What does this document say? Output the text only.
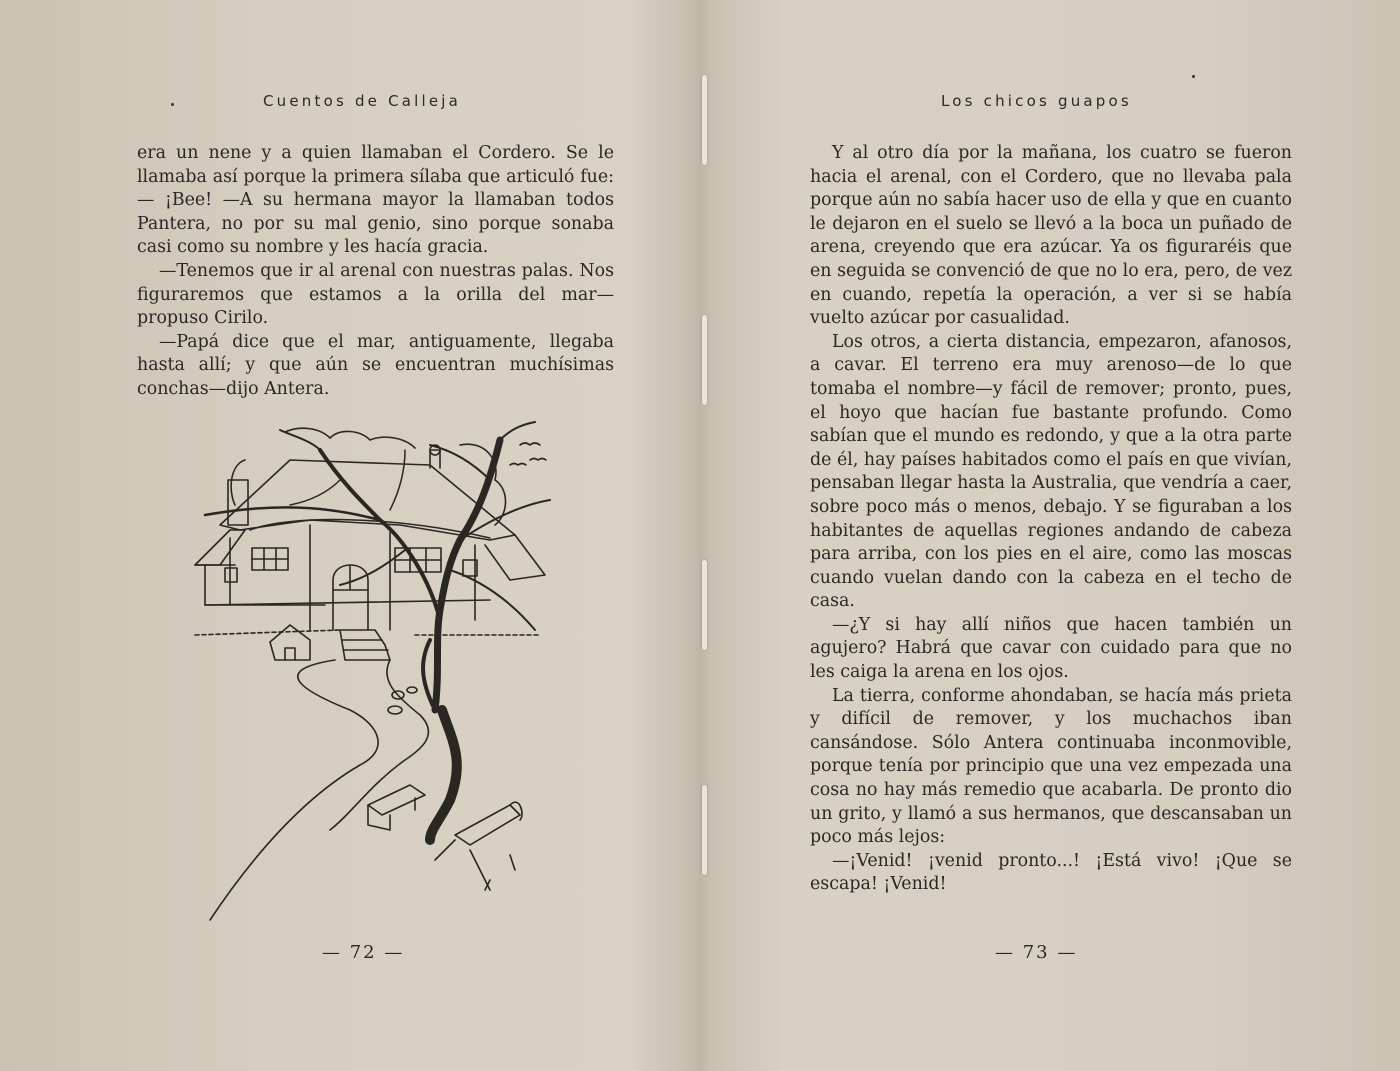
Cuentos de Calleja

era un nene y a quien llamaban el Cordero. Se le llamaba así porque la primera sílaba que articuló fue: — ¡Bee! —A su hermana mayor la llamaban todos Pantera, no por su mal genio, sino porque sonaba casi como su nombre y les hacía gracia.

—Tenemos que ir al arenal con nuestras palas. Nos figuraremos que estamos a la orilla del mar— propuso Cirilo.

—Papá dice que el mar, antiguamente, llegaba hasta allí; y que aún se encuentran muchísimas conchas—dijo Antera.

— 72 —
Los chicos guapos

Y al otro día por la mañana, los cuatro se fueron hacia el arenal, con el Cordero, que no llevaba pala porque aún no sabía hacer uso de ella y que en cuanto le dejaron en el suelo se llevó a la boca un puñado de arena, creyendo que era azúcar. Ya os figuraréis que en seguida se convenció de que no lo era, pero, de vez en cuando, repetía la operación, a ver si se había vuelto azúcar por casualidad.

Los otros, a cierta distancia, empezaron, afanosos, a cavar. El terreno era muy arenoso—de lo que tomaba el nombre—y fácil de remover; pronto, pues, el hoyo que hacían fue bastante profundo. Como sabían que el mundo es redondo, y que a la otra parte de él, hay países habitados como el país en que vivían, pensaban llegar hasta la Australia, que vendría a caer, sobre poco más o menos, debajo. Y se figuraban a los habitantes de aquellas regiones andando de cabeza para arriba, con los pies en el aire, como las moscas cuando vuelan dando con la cabeza en el techo de casa.

—¿Y si hay allí niños que hacen también un agujero? Habrá que cavar con cuidado para que no les caiga la arena en los ojos.

La tierra, conforme ahondaban, se hacía más prieta y difícil de remover, y los muchachos iban cansándose. Sólo Antera continuaba inconmovible, porque tenía por principio que una vez empezada una cosa no hay más remedio que acabarla. De pronto dio un grito, y llamó a sus hermanos, que descansaban un poco más lejos:

—¡Venid! ¡venid pronto...! ¡Está vivo! ¡Que se escapa! ¡Venid!

— 73 —
